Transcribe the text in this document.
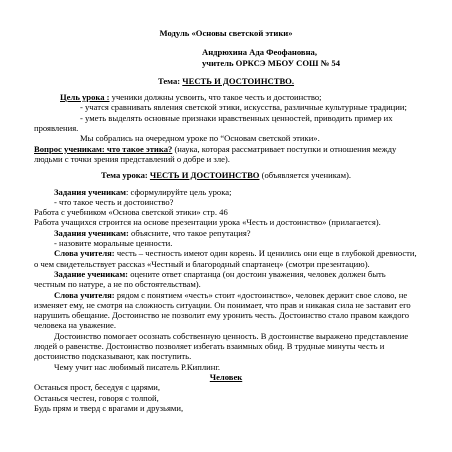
Модуль «Основы светской этики»
Андрюхина Ада Феофановна,
учитель ОРКСЭ МБОУ СОШ № 54
Тема: ЧЕСТЬ И ДОСТОИНСТВО.

Цель урока : ученики должны усвоить, что такое честь и достоинство;

- учатся сравнивать явления светской этики, искусства, различные культурные традиции;

- уметь выделять основные признаки нравственных ценностей, приводить пример их проявления.

Мы собрались на очередном уроке по “Основам светской этики».

Вопрос ученикам: что такое этика? (наука, которая рассматривает поступки и отношения между людьми с точки зрения представлений о добре и зле).

Тема урока: ЧЕСТЬ И ДОСТОИНСТВО (объявляется ученикам).

Задания ученикам: сформулируйте цель урока;

- что такое честь и достоинство?

Работа с учебником «Основа светской этики» стр. 46

Работа учащихся строится на основе презентации урока «Честь и достоинство» (прилагается).

Задания ученикам: объясните, что такое репутация?

- назовите моральные ценности.

Слова учителя: честь – честность имеют один корень. И ценились они еще в глубокой древности, о чем свидетельствует рассказ «Честный и благородный спартанец» (смотри презентацию).

Задание ученикам: оцените ответ спартанца (он достоин уважения, человек должен быть честным по натуре, а не по обстоятельствам).

Слова учителя: рядом с понятием «честь» стоит «достоинство», человек держит свое слово, не изменяет ему, не смотря на сложность ситуации. Он понимает, что прав и никакая сила не заставит его нарушить обещание. Достоинство не позволит ему уронить честь. Достоинство стало правом каждого человека на уважение.

Достоинство помогает осознать собственную ценность. В достоинстве выражено представление людей о равенстве. Достоинство позволяет избегать взаимных обид. В трудные минуты честь и достоинство подсказывают, как поступить.

Чему учит нас любимый писатель Р.Киплинг.

Человек

Останься прост, беседуя с царями,

Останься честен, говоря с толпой,

Будь прям и тверд с врагами и друзьями,
